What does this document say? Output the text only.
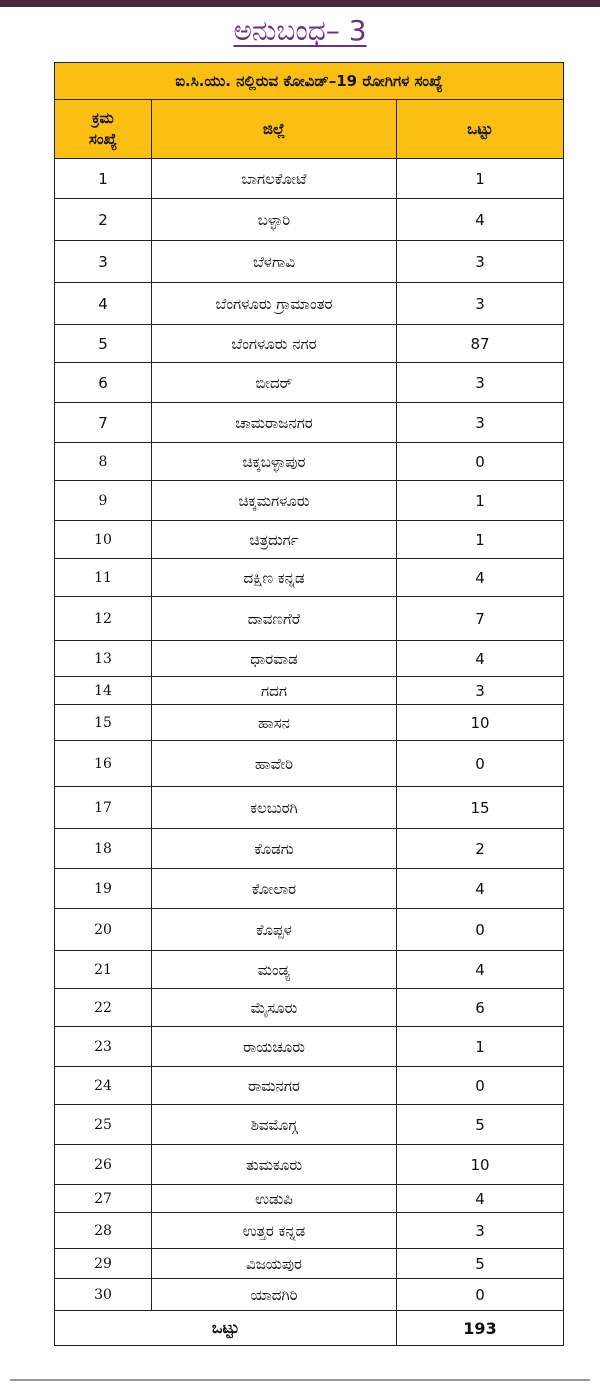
ಅನುಬಂಧ– 3
ಐ.ಸಿ.ಯು. ನಲ್ಲಿರುವ ಕೋವಿಡ್–19 ರೋಗಿಗಳ ಸಂಖ್ಯೆ		

ಕ್ರಮ
ಸಂಖ್ಯೆ	ಜಿಲ್ಲೆ	ಒಟ್ಟು
1	ಬಾಗಲಕೋಟೆ	1
2	ಬಳ್ಳಾರಿ	4
3	ಬೆಳಗಾವಿ	3
4	ಬೆಂಗಳೂರು ಗ್ರಾಮಾಂತರ	3
5	ಬೆಂಗಳೂರು ನಗರ	87
6	ಬೀದರ್	3
7	ಚಾಮರಾಜನಗರ	3
8	ಚಿಕ್ಕಬಳ್ಳಾಪುರ	0
9	ಚಿಕ್ಕಮಗಳೂರು	1
10	ಚಿತ್ರದುರ್ಗ	1
11	ದಕ್ಷಿಣ ಕನ್ನಡ	4
12	ದಾವಣಗೆರೆ	7
13	ಧಾರವಾಡ	4
14	ಗದಗ	3
15	ಹಾಸನ	10
16	ಹಾವೇರಿ	0
17	ಕಲಬುರಗಿ	15
18	ಕೊಡಗು	2
19	ಕೋಲಾರ	4
20	ಕೊಪ್ಪಳ	0
21	ಮಂಡ್ಯ	4
22	ಮೈಸೂರು	6
23	ರಾಯಚೂರು	1
24	ರಾಮನಗರ	0
25	ಶಿವಮೊಗ್ಗ	5
26	ತುಮಕೂರು	10
27	ಉಡುಪಿ	4
28	ಉತ್ತರ ಕನ್ನಡ	3
29	ವಿಜಯಪುರ	5
30	ಯಾದಗಿರಿ	0
ಒಟ್ಟು		193
